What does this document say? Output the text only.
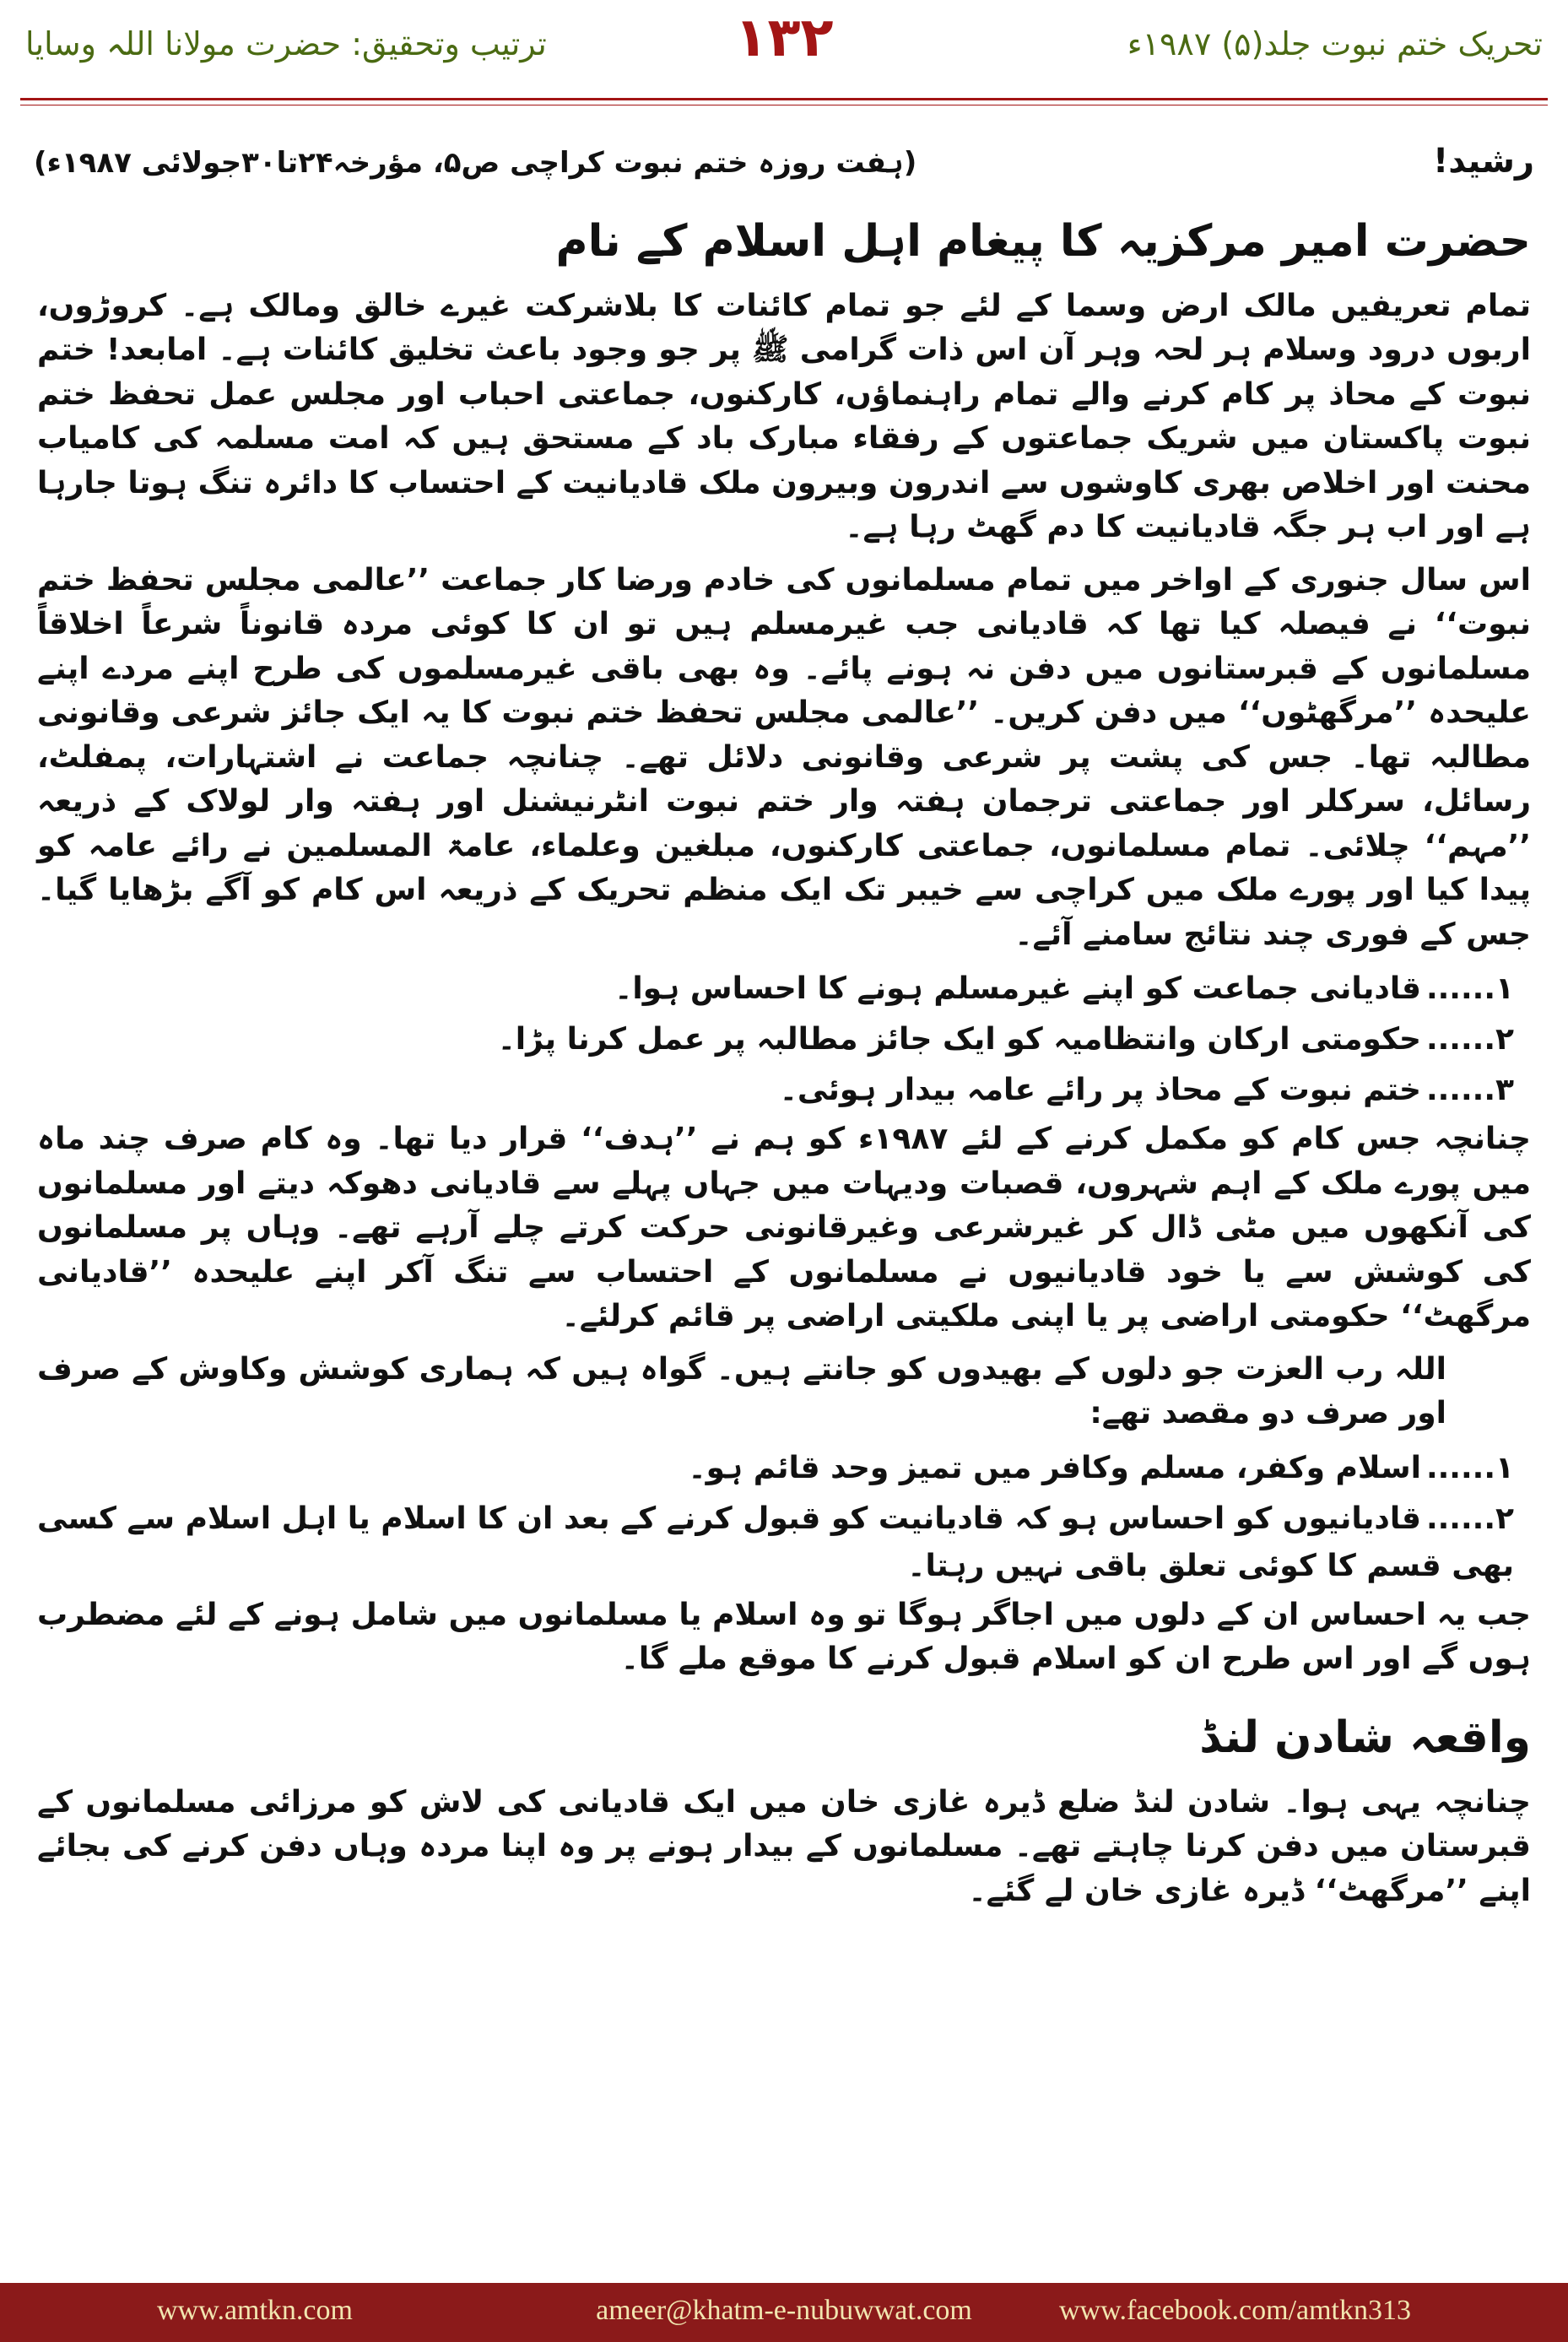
تحریک ختم نبوت جلد(۵) ۱۹۸۷ء
۱۳۲
ترتیب وتحقیق: حضرت مولانا اللہ وسایا
رشید!
(ہفت روزہ ختم نبوت کراچی ص۵، مؤرخہ۲۴تا۳۰جولائی ۱۹۸۷ء)
حضرت امیر مرکزیہ کا پیغام اہل اسلام کے نام

تمام تعریفیں مالک ارض وسما کے لئے جو تمام کائنات کا بلاشرکت غیرے خالق ومالک ہے۔ کروڑوں، اربوں درود وسلام ہر لحہ وہر آن اس ذات گرامی ﷺ پر جو وجود باعث تخلیق کائنات ہے۔ امابعد! ختم نبوت کے محاذ پر کام کرنے والے تمام راہنماؤں، کارکنوں، جماعتی احباب اور مجلس عمل تحفظ ختم نبوت پاکستان میں شریک جماعتوں کے رفقاء مبارک باد کے مستحق ہیں کہ امت مسلمہ کی کامیاب محنت اور اخلاص بھری کاوشوں سے اندرون وبیرون ملک قادیانیت کے احتساب کا دائرہ تنگ ہوتا جارہا ہے اور اب ہر جگہ قادیانیت کا دم گھٹ رہا ہے۔

اس سال جنوری کے اواخر میں تمام مسلمانوں کی خادم ورضا کار جماعت ’’عالمی مجلس تحفظ ختم نبوت‘‘ نے فیصلہ کیا تھا کہ قادیانی جب غیرمسلم ہیں تو ان کا کوئی مردہ قانوناً شرعاً اخلاقاً مسلمانوں کے قبرستانوں میں دفن نہ ہونے پائے۔ وہ بھی باقی غیرمسلموں کی طرح اپنے مردے اپنے علیحدہ ’’مرگھٹوں‘‘ میں دفن کریں۔ ’’عالمی مجلس تحفظ ختم نبوت کا یہ ایک جائز شرعی وقانونی مطالبہ تھا۔ جس کی پشت پر شرعی وقانونی دلائل تھے۔ چنانچہ جماعت نے اشتہارات، پمفلٹ، رسائل، سرکلر اور جماعتی ترجمان ہفتہ وار ختم نبوت انٹرنیشنل اور ہفتہ وار لولاک کے ذریعہ ’’مہم‘‘ چلائی۔ تمام مسلمانوں، جماعتی کارکنوں، مبلغین وعلماء، عامۃ المسلمین نے رائے عامہ کو پیدا کیا اور پورے ملک میں کراچی سے خیبر تک ایک منظم تحریک کے ذریعہ اس کام کو آگے بڑھایا گیا۔ جس کے فوری چند نتائج سامنے آئے۔

۱......قادیانی جماعت کو اپنے غیرمسلم ہونے کا احساس ہوا۔
۲......حکومتی ارکان وانتظامیہ کو ایک جائز مطالبہ پر عمل کرنا پڑا۔
۳......ختم نبوت کے محاذ پر رائے عامہ بیدار ہوئی۔

چنانچہ جس کام کو مکمل کرنے کے لئے ۱۹۸۷ء کو ہم نے ’’ہدف‘‘ قرار دیا تھا۔ وہ کام صرف چند ماہ میں پورے ملک کے اہم شہروں، قصبات ودیہات میں جہاں پہلے سے قادیانی دھوکہ دیتے اور مسلمانوں کی آنکھوں میں مٹی ڈال کر غیرشرعی وغیرقانونی حرکت کرتے چلے آرہے تھے۔ وہاں پر مسلمانوں کی کوشش سے یا خود قادیانیوں نے مسلمانوں کے احتساب سے تنگ آکر اپنے علیحدہ ’’قادیانی مرگھٹ‘‘ حکومتی اراضی پر یا اپنی ملکیتی اراضی پر قائم کرلئے۔

اللہ رب العزت جو دلوں کے بھیدوں کو جانتے ہیں۔ گواہ ہیں کہ ہماری کوشش وکاوش کے صرف اور صرف دو مقصد تھے:

۱......اسلام وکفر، مسلم وکافر میں تمیز وحد قائم ہو۔
۲......قادیانیوں کو احساس ہو کہ قادیانیت کو قبول کرنے کے بعد ان کا اسلام یا اہل اسلام سے کسی بھی قسم کا کوئی تعلق باقی نہیں رہتا۔

جب یہ احساس ان کے دلوں میں اجاگر ہوگا تو وہ اسلام یا مسلمانوں میں شامل ہونے کے لئے مضطرب ہوں گے اور اس طرح ان کو اسلام قبول کرنے کا موقع ملے گا۔

واقعہ شادن لنڈ

چنانچہ یہی ہوا۔ شادن لنڈ ضلع ڈیرہ غازی خان میں ایک قادیانی کی لاش کو مرزائی مسلمانوں کے قبرستان میں دفن کرنا چاہتے تھے۔ مسلمانوں کے بیدار ہونے پر وہ اپنا مردہ وہاں دفن کرنے کی بجائے اپنے ’’مرگھٹ‘‘ ڈیرہ غازی خان لے گئے۔

www.amtkn.com	ameer@khatm-e-nubuwwat.com	www.facebook.com/amtkn313
